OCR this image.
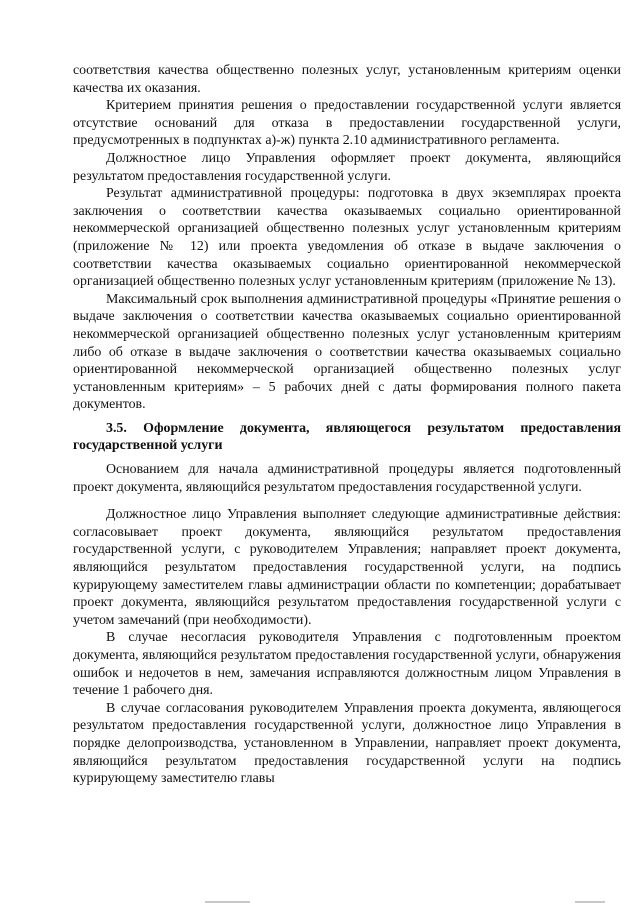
соответствия качества общественно полезных услуг, установленным критериям оценки качества их оказания.

Критерием принятия решения о предоставлении государственной услуги является отсутствие оснований для отказа в предоставлении государственной услуги, предусмотренных в подпунктах а)-ж) пункта 2.10 административного регламента.

Должностное лицо Управления оформляет проект документа, являющийся результатом предоставления государственной услуги.

Результат административной процедуры: подготовка в двух экземплярах проекта заключения о соответствии качества оказываемых социально ориентированной некоммерческой организацией общественно полезных услуг установленным критериям (приложение № 12) или проекта уведомления об отказе в выдаче заключения о соответствии качества оказываемых социально ориентированной некоммерческой организацией общественно полезных услуг установленным критериям (приложение № 13).

Максимальный срок выполнения административной процедуры «Принятие решения о выдаче заключения о соответствии качества оказываемых социально ориентированной некоммерческой организацией общественно полезных услуг установленным критериям либо об отказе в выдаче заключения о соответствии качества оказываемых социально ориентированной некоммерческой организацией общественно полезных услуг установленным критериям» – 5 рабочих дней с даты формирования полного пакета документов.

3.5. Оформление документа, являющегося результатом предоставления государственной услуги

Основанием для начала административной процедуры является подготовленный проект документа, являющийся результатом предоставления государственной услуги.

Должностное лицо Управления выполняет следующие административные действия: согласовывает проект документа, являющийся результатом предоставления государственной услуги, с руководителем Управления; направляет проект документа, являющийся результатом предоставления государственной услуги, на подпись курирующему заместителем главы администрации области по компетенции; дорабатывает проект документа, являющийся результатом предоставления государственной услуги с учетом замечаний (при необходимости).

В случае несогласия руководителя Управления с подготовленным проектом документа, являющийся результатом предоставления государственной услуги, обнаружения ошибок и недочетов в нем, замечания исправляются должностным лицом Управления в течение 1 рабочего дня.

В случае согласования руководителем Управления проекта документа, являющегося результатом предоставления государственной услуги, должностное лицо Управления в порядке делопроизводства, установленном в Управлении, направляет проект документа, являющийся результатом предоставления государственной услуги на подпись курирующему заместителю главы
